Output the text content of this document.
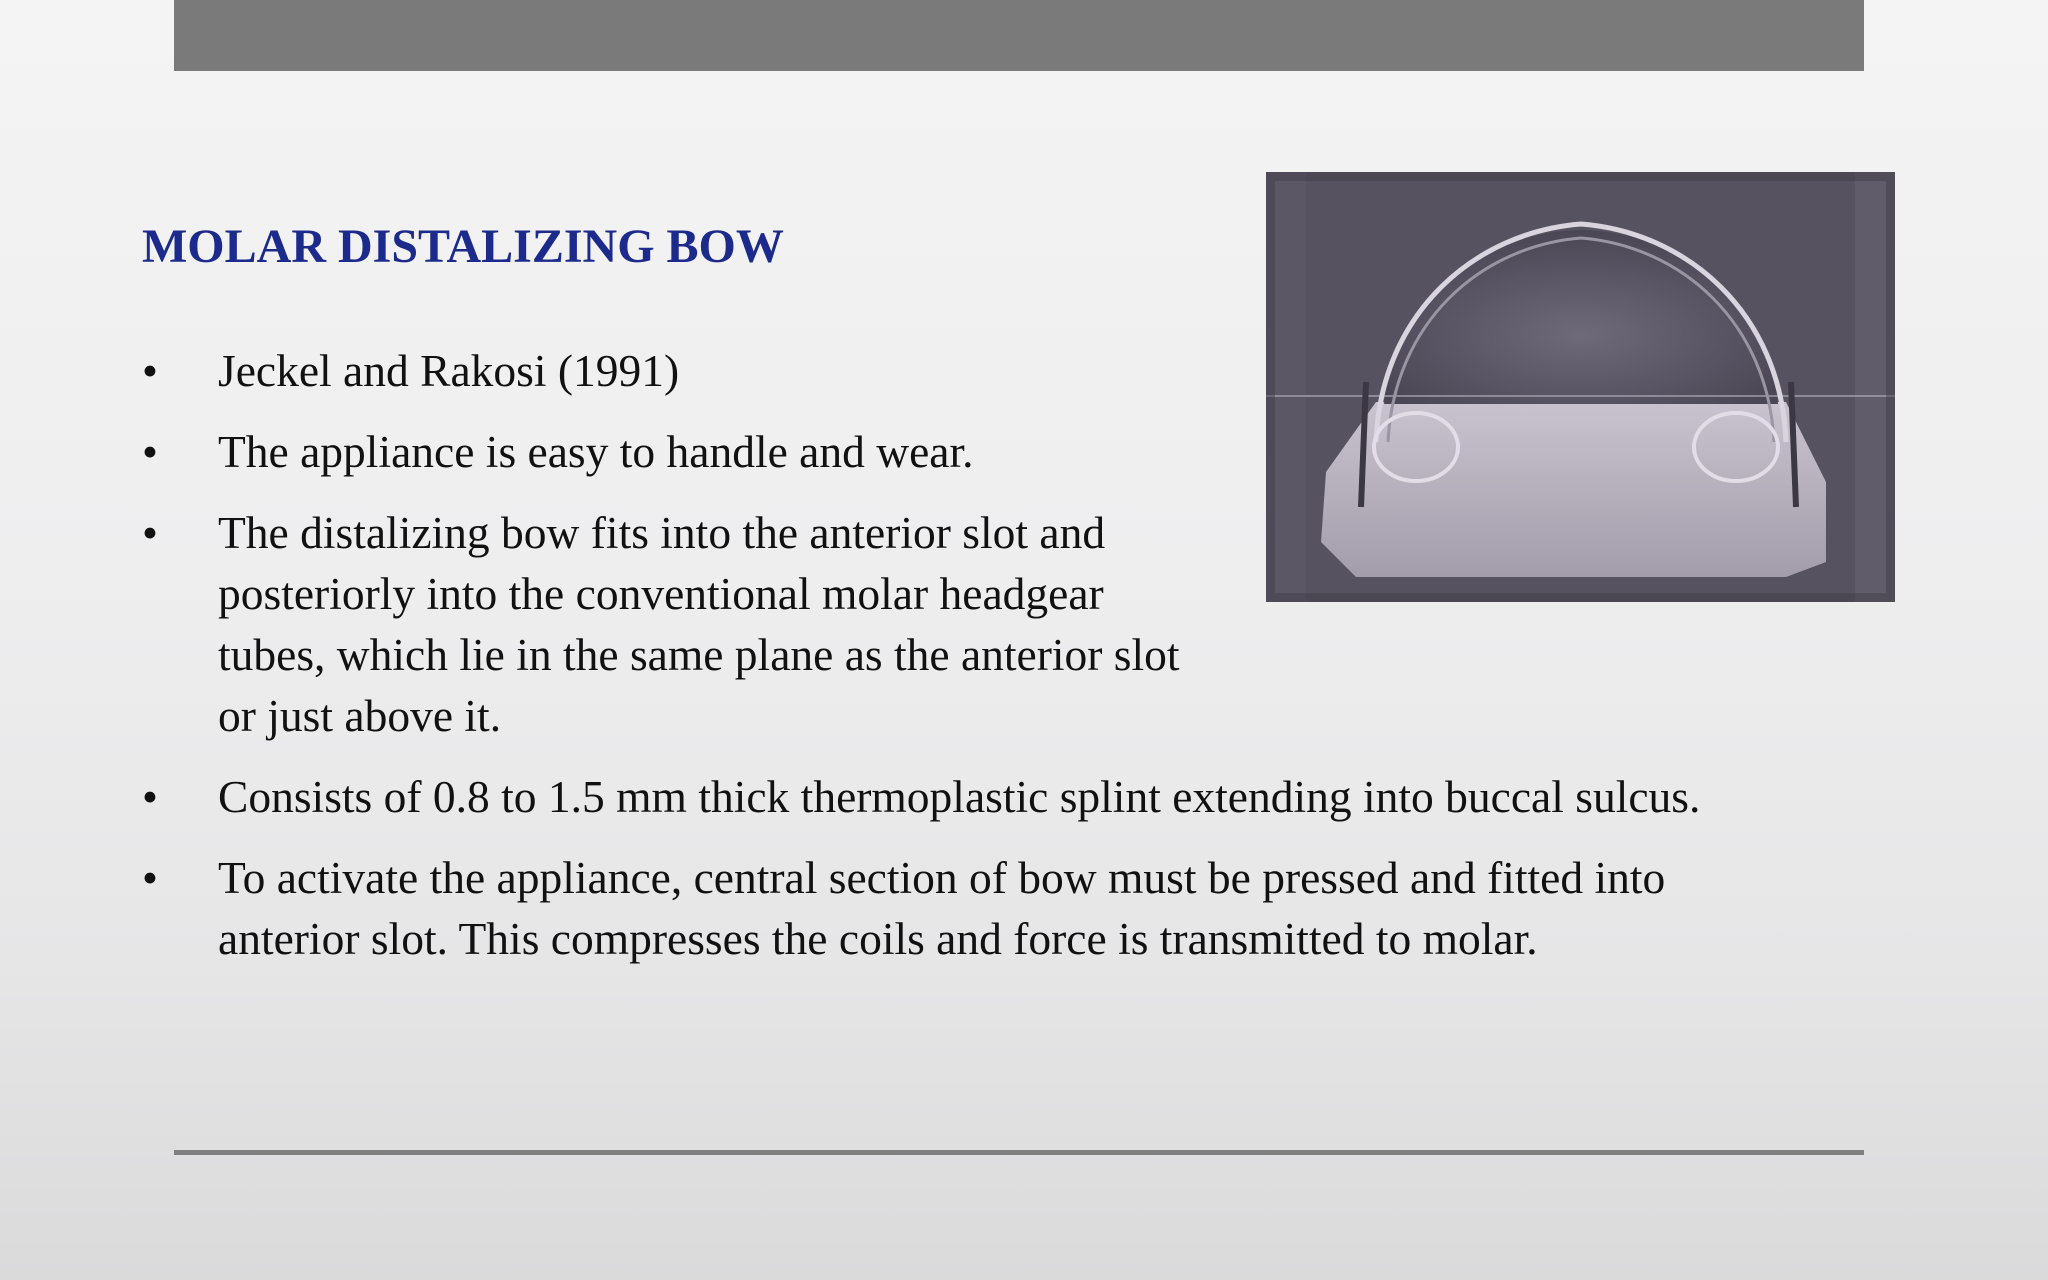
MOLAR DISTALIZING BOW
•	Jeckel and Rakosi (1991)
•	The appliance is easy to handle and wear.
•	The distalizing bow fits into the anterior slot and
posteriorly into the conventional molar headgear
tubes, which lie in the same plane as the anterior slot
or just above it.
•	Consists of 0.8 to 1.5 mm thick thermoplastic splint extending into buccal sulcus.
•	To activate the appliance, central section of bow must be pressed and fitted into
anterior slot. This compresses the coils and force is transmitted to molar.
